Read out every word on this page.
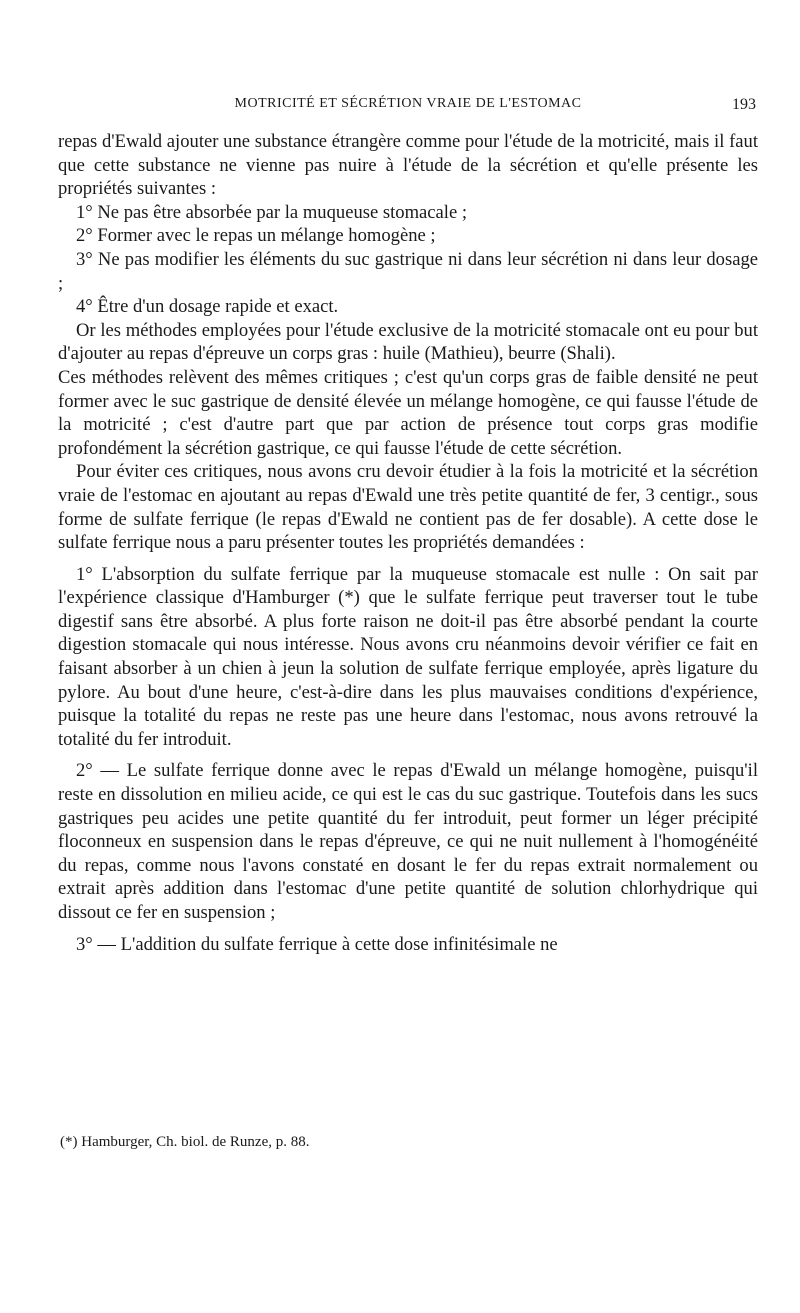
MOTRICITÉ ET SÉCRÉTION VRAIE DE L'ESTOMAC	193

repas d'Ewald ajouter une substance étrangère comme pour l'étude de la motricité, mais il faut que cette substance ne vienne pas nuire à l'étude de la sécrétion et qu'elle présente les propriétés suivantes :

1° Ne pas être absorbée par la muqueuse stomacale ;

2° Former avec le repas un mélange homogène ;

3° Ne pas modifier les éléments du suc gastrique ni dans leur sécrétion ni dans leur dosage ;

4° Être d'un dosage rapide et exact.

Or les méthodes employées pour l'étude exclusive de la motricité stomacale ont eu pour but d'ajouter au repas d'épreuve un corps gras : huile (Mathieu), beurre (Shali).

Ces méthodes relèvent des mêmes critiques ; c'est qu'un corps gras de faible densité ne peut former avec le suc gastrique de densité élevée un mélange homogène, ce qui fausse l'étude de la motricité ; c'est d'autre part que par action de présence tout corps gras modifie profondément la sécrétion gastrique, ce qui fausse l'étude de cette sécrétion.

Pour éviter ces critiques, nous avons cru devoir étudier à la fois la motricité et la sécrétion vraie de l'estomac en ajoutant au repas d'Ewald une très petite quantité de fer, 3 centigr., sous forme de sulfate ferrique (le repas d'Ewald ne contient pas de fer dosable). A cette dose le sulfate ferrique nous a paru présenter toutes les propriétés demandées :

1° L'absorption du sulfate ferrique par la muqueuse stomacale est nulle : On sait par l'expérience classique d'Hamburger (*) que le sulfate ferrique peut traverser tout le tube digestif sans être absorbé. A plus forte raison ne doit-il pas être absorbé pendant la courte digestion stomacale qui nous intéresse. Nous avons cru néanmoins devoir vérifier ce fait en faisant absorber à un chien à jeun la solution de sulfate ferrique employée, après ligature du pylore. Au bout d'une heure, c'est-à-dire dans les plus mauvaises conditions d'expérience, puisque la totalité du repas ne reste pas une heure dans l'estomac, nous avons retrouvé la totalité du fer introduit.

2° — Le sulfate ferrique donne avec le repas d'Ewald un mélange homogène, puisqu'il reste en dissolution en milieu acide, ce qui est le cas du suc gastrique. Toutefois dans les sucs gastriques peu acides une petite quantité du fer introduit, peut former un léger précipité floconneux en suspension dans le repas d'épreuve, ce qui ne nuit nullement à l'homogénéité du repas, comme nous l'avons constaté en dosant le fer du repas extrait normalement ou extrait après addition dans l'estomac d'une petite quantité de solution chlorhydrique qui dissout ce fer en suspension ;

3° — L'addition du sulfate ferrique à cette dose infinitésimale ne

(*) Hamburger, Ch. biol. de Runze, p. 88.
